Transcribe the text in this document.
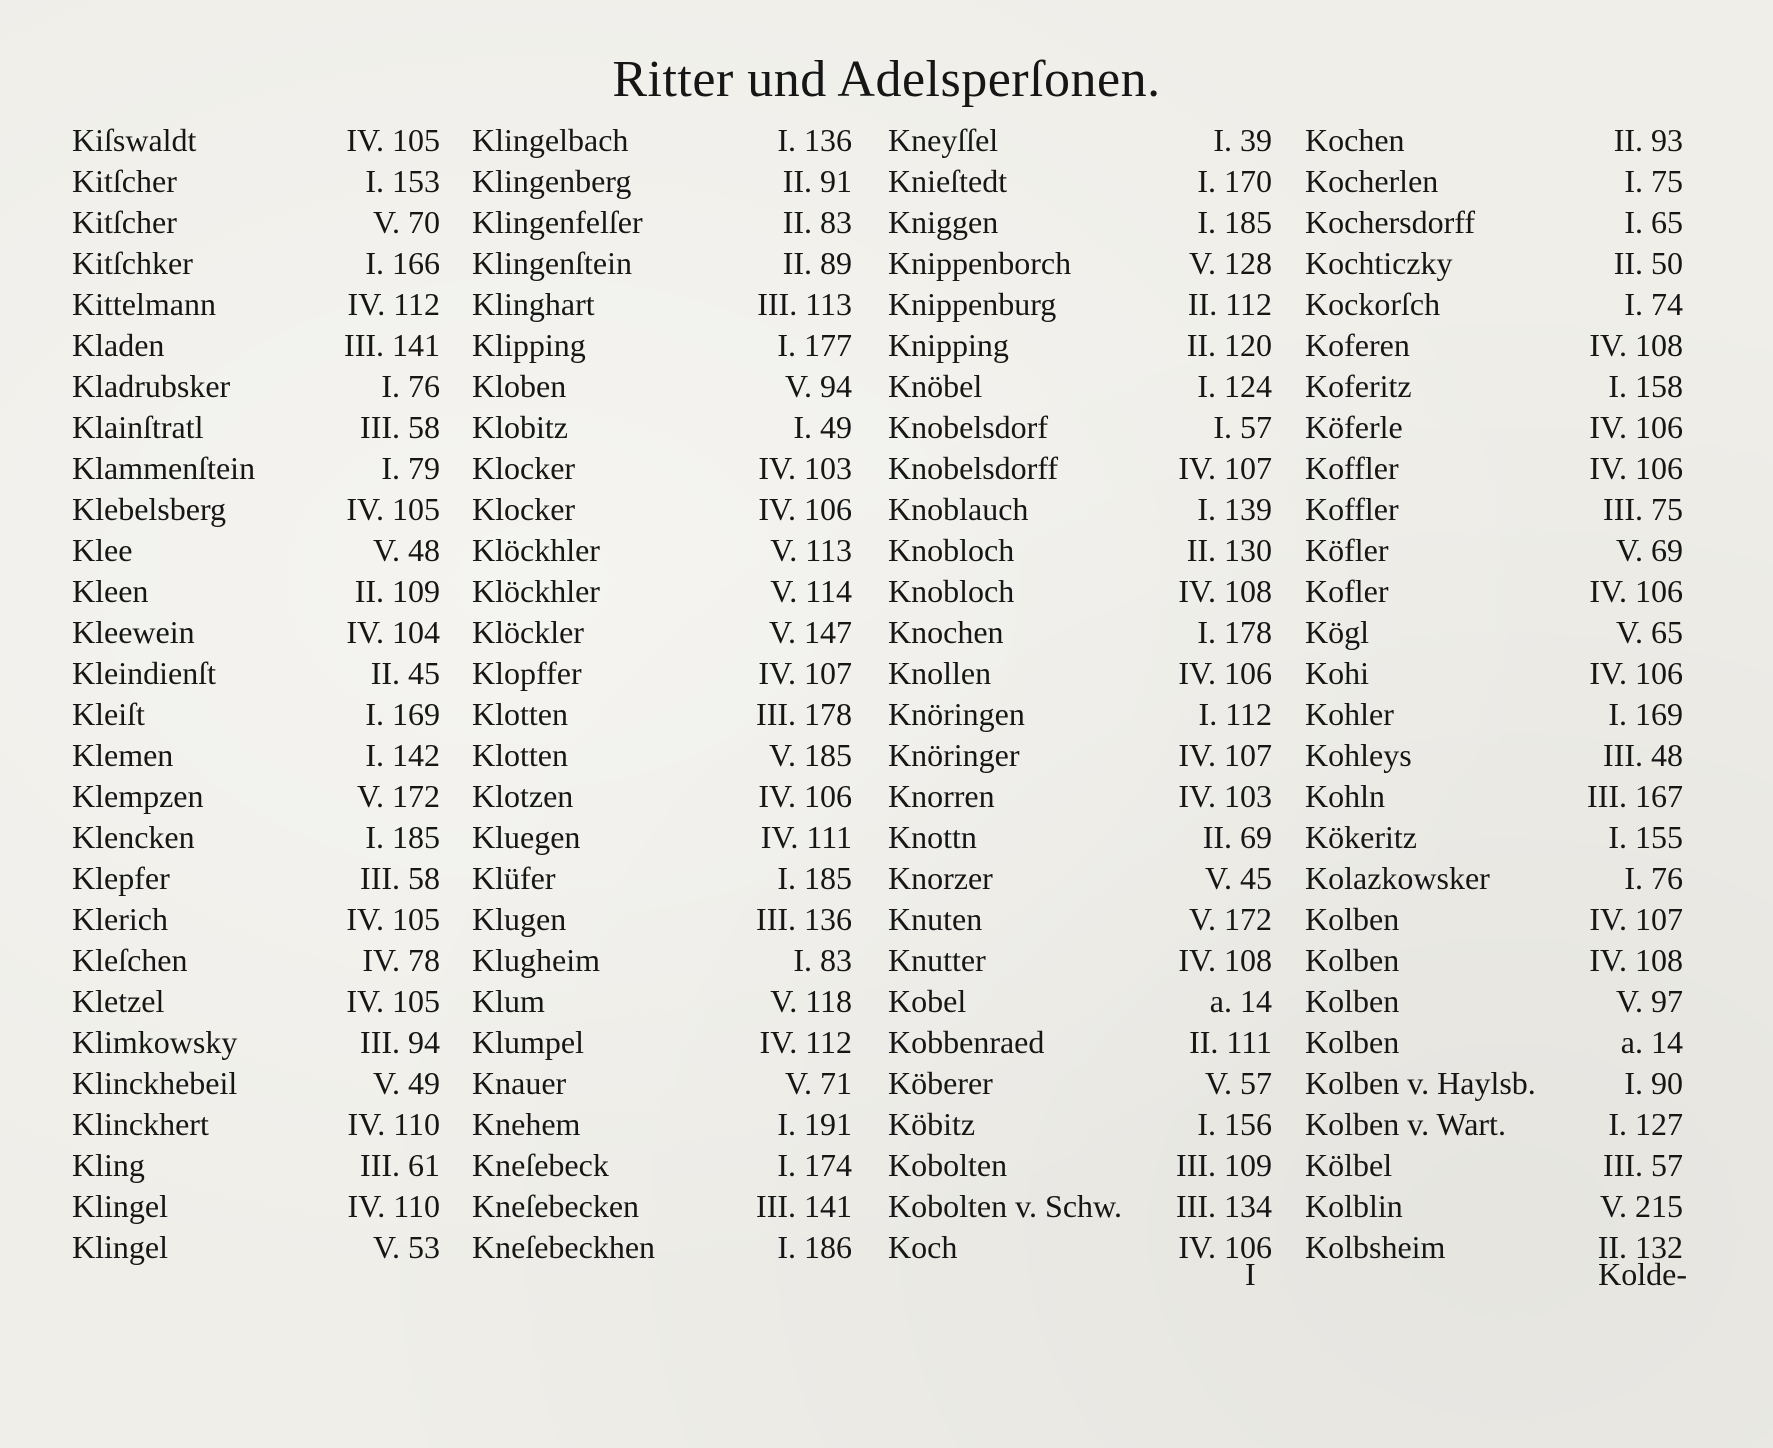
Ritter und Adelsperſonen.
Kiſswaldt	IV. 105
Kitſcher	I. 153
Kitſcher	V. 70
Kitſchker	I. 166
Kittelmann	IV. 112
Kladen	III. 141
Kladrubsker	I. 76
Klainſtratl	III. 58
Klammenſtein	I. 79
Klebelsberg	IV. 105
Klee	V. 48
Kleen	II. 109
Kleewein	IV. 104
Kleindienſt	II. 45
Kleiſt	I. 169
Klemen	I. 142
Klempzen	V. 172
Klencken	I. 185
Klepfer	III. 58
Klerich	IV. 105
Kleſchen	IV. 78
Kletzel	IV. 105
Klimkowsky	III. 94
Klinckhebeil	V. 49
Klinckhert	IV. 110
Kling	III. 61
Klingel	IV. 110
Klingel	V. 53
Klingelbach	I. 136
Klingenberg	II. 91
Klingenfelſer	II. 83
Klingenſtein	II. 89
Klinghart	III. 113
Klipping	I. 177
Kloben	V. 94
Klobitz	I. 49
Klocker	IV. 103
Klocker	IV. 106
Klöckhler	V. 113
Klöckhler	V. 114
Klöckler	V. 147
Klopffer	IV. 107
Klotten	III. 178
Klotten	V. 185
Klotzen	IV. 106
Kluegen	IV. 111
Klüfer	I. 185
Klugen	III. 136
Klugheim	I. 83
Klum	V. 118
Klumpel	IV. 112
Knauer	V. 71
Knehem	I. 191
Kneſebeck	I. 174
Kneſebecken	III. 141
Kneſebeckhen	I. 186
Kneyſſel	I. 39
Knieſtedt	I. 170
Kniggen	I. 185
Knippenborch	V. 128
Knippenburg	II. 112
Knipping	II. 120
Knöbel	I. 124
Knobelsdorf	I. 57
Knobelsdorff	IV. 107
Knoblauch	I. 139
Knobloch	II. 130
Knobloch	IV. 108
Knochen	I. 178
Knollen	IV. 106
Knöringen	I. 112
Knöringer	IV. 107
Knorren	IV. 103
Knottn	II. 69
Knorzer	V. 45
Knuten	V. 172
Knutter	IV. 108
Kobel	a. 14
Kobbenraed	II. 111
Köberer	V. 57
Köbitz	I. 156
Kobolten	III. 109
Kobolten v. Schw. III. 134
Koch	IV. 106
Kochen	II. 93
Kocherlen	I. 75
Kochersdorff	I. 65
Kochticzky	II. 50
Kockorſch	I. 74
Koferen	IV. 108
Koferitz	I. 158
Köferle	IV. 106
Koffler	IV. 106
Koffler	III. 75
Köfler	V. 69
Kofler	IV. 106
Kögl	V. 65
Kohi	IV. 106
Kohler	I. 169
Kohleys	III. 48
Kohln	III. 167
Kökeritz	I. 155
Kolazkowsker	I. 76
Kolben	IV. 107
Kolben	IV. 108
Kolben	V. 97
Kolben	a. 14
Kolben v. Haylsb.	I. 90
Kolben v. Wart.	I. 127
Kölbel	III. 57
Kolblin	V. 215
Kolbsheim	II. 132
I	Kolde-
